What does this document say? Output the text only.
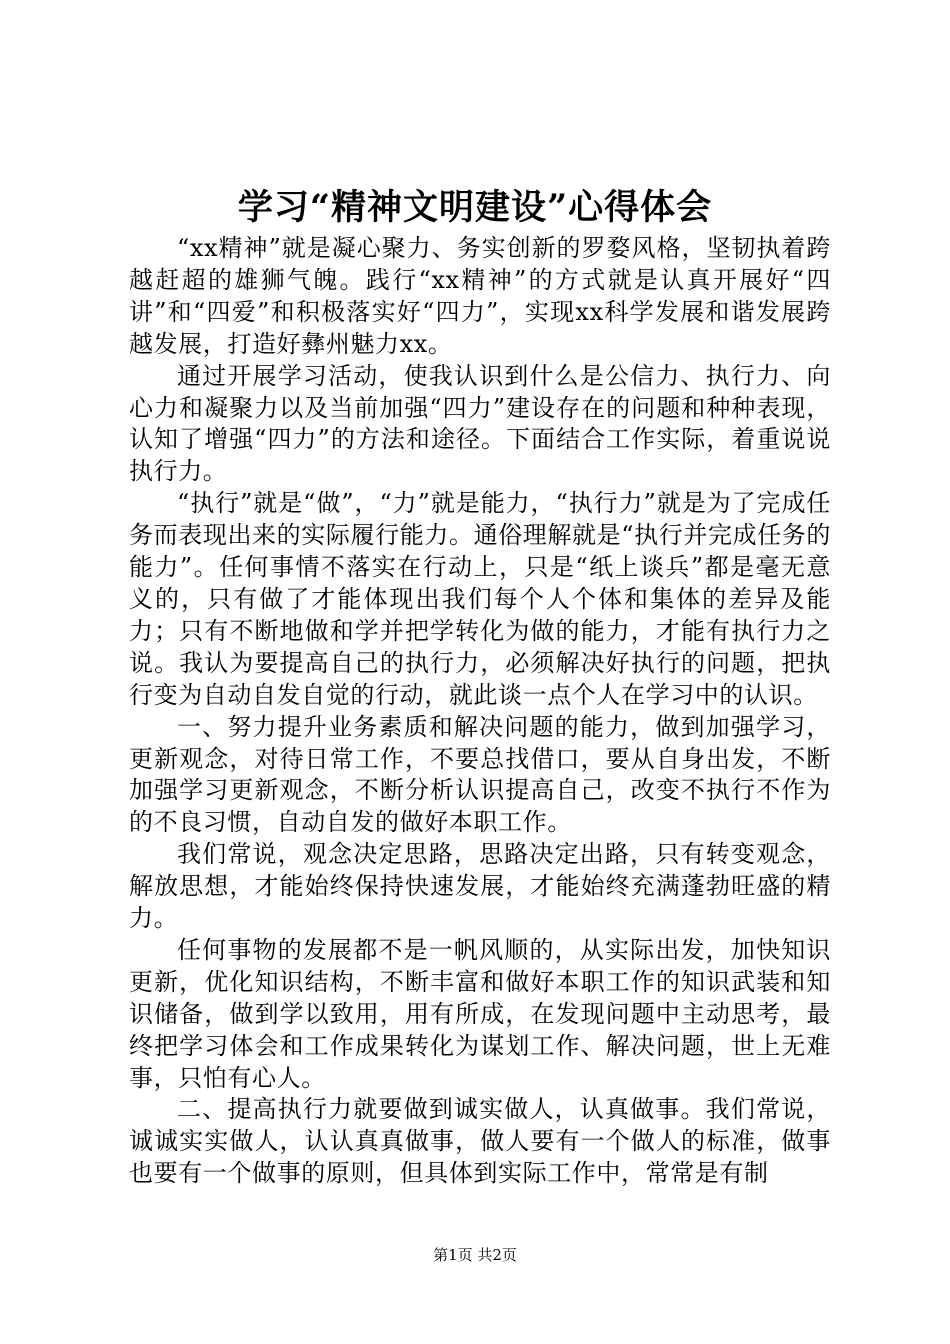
学习“精神文明建设”心得体会

“xx精神”就是凝心聚力、务实创新的罗婺风格，坚韧执着跨越赶超的雄狮气魄。践行“xx精神”的方式就是认真开展好“四讲”和“四爱”和积极落实好“四力”，实现xx科学发展和谐发展跨越发展，打造好彝州魅力xx。

通过开展学习活动，使我认识到什么是公信力、执行力、向心力和凝聚力以及当前加强“四力”建设存在的问题和种种表现，认知了增强“四力”的方法和途径。下面结合工作实际，着重说说执行力。

“执行”就是“做”，“力”就是能力，“执行力”就是为了完成任务而表现出来的实际履行能力。通俗理解就是“执行并完成任务的能力”。任何事情不落实在行动上，只是“纸上谈兵”都是毫无意义的，只有做了才能体现出我们每个人个体和集体的差异及能力；只有不断地做和学并把学转化为做的能力，才能有执行力之说。我认为要提高自己的执行力，必须解决好执行的问题，把执行变为自动自发自觉的行动，就此谈一点个人在学习中的认识。

一、努力提升业务素质和解决问题的能力，做到加强学习，更新观念，对待日常工作，不要总找借口，要从自身出发，不断加强学习更新观念，不断分析认识提高自己，改变不执行不作为的不良习惯，自动自发的做好本职工作。

我们常说，观念决定思路，思路决定出路，只有转变观念，解放思想，才能始终保持快速发展，才能始终充满蓬勃旺盛的精力。

任何事物的发展都不是一帆风顺的，从实际出发，加快知识更新，优化知识结构，不断丰富和做好本职工作的知识武装和知识储备，做到学以致用，用有所成，在发现问题中主动思考，最终把学习体会和工作成果转化为谋划工作、解决问题，世上无难事，只怕有心人。

二、提高执行力就要做到诚实做人，认真做事。我们常说，诚诚实实做人，认认真真做事，做人要有一个做人的标准，做事也要有一个做事的原则，但具体到实际工作中，常常是有制

第1页 共2页
